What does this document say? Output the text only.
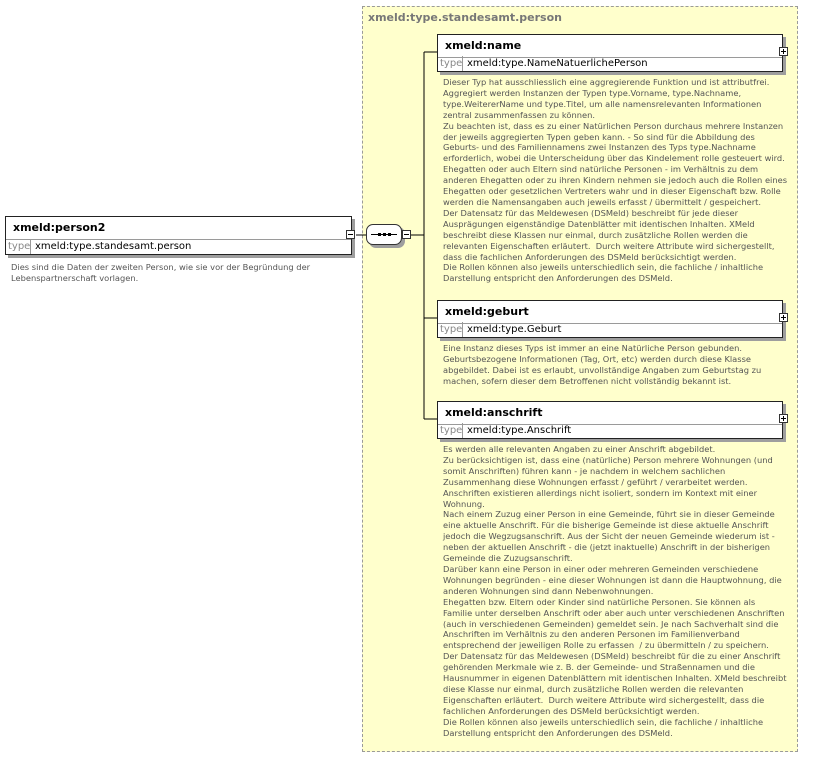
xmeld:type.standesamt.person
xmeld:person2
type xmeld:type.standesamt.person
Dies sind die Daten der zweiten Person, wie sie vor der Begründung der
Lebenspartnerschaft vorlagen.
xmeld:name
type xmeld:type.NameNatuerlichePerson
Dieser Typ hat ausschliesslich eine aggregierende Funktion und ist attributfrei.
Aggregiert werden Instanzen der Typen type.Vorname, type.Nachname,
type.WeitererName und type.Titel, um alle namensrelevanten Informationen
zentral zusammenfassen zu können.
Zu beachten ist, dass es zu einer Natürlichen Person durchaus mehrere Instanzen
der jeweils aggregierten Typen geben kann. - So sind für die Abbildung des
Geburts- und des Familiennamens zwei Instanzen des Typs type.Nachname
erforderlich, wobei die Unterscheidung über das Kindelement rolle gesteuert wird.
Ehegatten oder auch Eltern sind natürliche Personen - im Verhältnis zu dem
anderen Ehegatten oder zu ihren Kindern nehmen sie jedoch auch die Rollen eines
Ehegatten oder gesetzlichen Vertreters wahr und in dieser Eigenschaft bzw. Rolle
werden die Namensangaben auch jeweils erfasst / übermittelt / gespeichert.
Der Datensatz für das Meldewesen (DSMeld) beschreibt für jede dieser
Ausprägungen eigenständige Datenblätter mit identischen Inhalten. XMeld
beschreibt diese Klassen nur einmal, durch zusätzliche Rollen werden die
relevanten Eigenschaften erläutert.  Durch weitere Attribute wird sichergestellt,
dass die fachlichen Anforderungen des DSMeld berücksichtigt werden.
Die Rollen können also jeweils unterschiedlich sein, die fachliche / inhaltliche
Darstellung entspricht den Anforderungen des DSMeld.
xmeld:geburt
type xmeld:type.Geburt
Eine Instanz dieses Typs ist immer an eine Natürliche Person gebunden.
Geburtsbezogene Informationen (Tag, Ort, etc) werden durch diese Klasse
abgebildet. Dabei ist es erlaubt, unvollständige Angaben zum Geburtstag zu
machen, sofern dieser dem Betroffenen nicht vollständig bekannt ist.
xmeld:anschrift
type xmeld:type.Anschrift
Es werden alle relevanten Angaben zu einer Anschrift abgebildet.
Zu berücksichtigen ist, dass eine (natürliche) Person mehrere Wohnungen (und
somit Anschriften) führen kann - je nachdem in welchem sachlichen
Zusammenhang diese Wohnungen erfasst / geführt / verarbeitet werden.
Anschriften existieren allerdings nicht isoliert, sondern im Kontext mit einer
Wohnung.
Nach einem Zuzug einer Person in eine Gemeinde, führt sie in dieser Gemeinde
eine aktuelle Anschrift. Für die bisherige Gemeinde ist diese aktuelle Anschrift
jedoch die Wegzugsanschrift. Aus der Sicht der neuen Gemeinde wiederum ist -
neben der aktuellen Anschrift - die (jetzt inaktuelle) Anschrift in der bisherigen
Gemeinde die Zuzugsanschrift.
Darüber kann eine Person in einer oder mehreren Gemeinden verschiedene
Wohnungen begründen - eine dieser Wohnungen ist dann die Hauptwohnung, die
anderen Wohnungen sind dann Nebenwohnungen.
Ehegatten bzw. Eltern oder Kinder sind natürliche Personen. Sie können als
Familie unter derselben Anschrift oder aber auch unter verschiedenen Anschriften
(auch in verschiedenen Gemeinden) gemeldet sein. Je nach Sachverhalt sind die
Anschriften im Verhältnis zu den anderen Personen im Familienverband
entsprechend der jeweiligen Rolle zu erfassen  / zu übermitteln / zu speichern.
Der Datensatz für das Meldewesen (DSMeld) beschreibt für die zu einer Anschrift
gehörenden Merkmale wie z. B. der Gemeinde- und Straßennamen und die
Hausnummer in eigenen Datenblättern mit identischen Inhalten. XMeld beschreibt
diese Klasse nur einmal, durch zusätzliche Rollen werden die relevanten
Eigenschaften erläutert.  Durch weitere Attribute wird sichergestellt, dass die
fachlichen Anforderungen des DSMeld berücksichtigt werden.
Die Rollen können also jeweils unterschiedlich sein, die fachliche / inhaltliche
Darstellung entspricht den Anforderungen des DSMeld.
